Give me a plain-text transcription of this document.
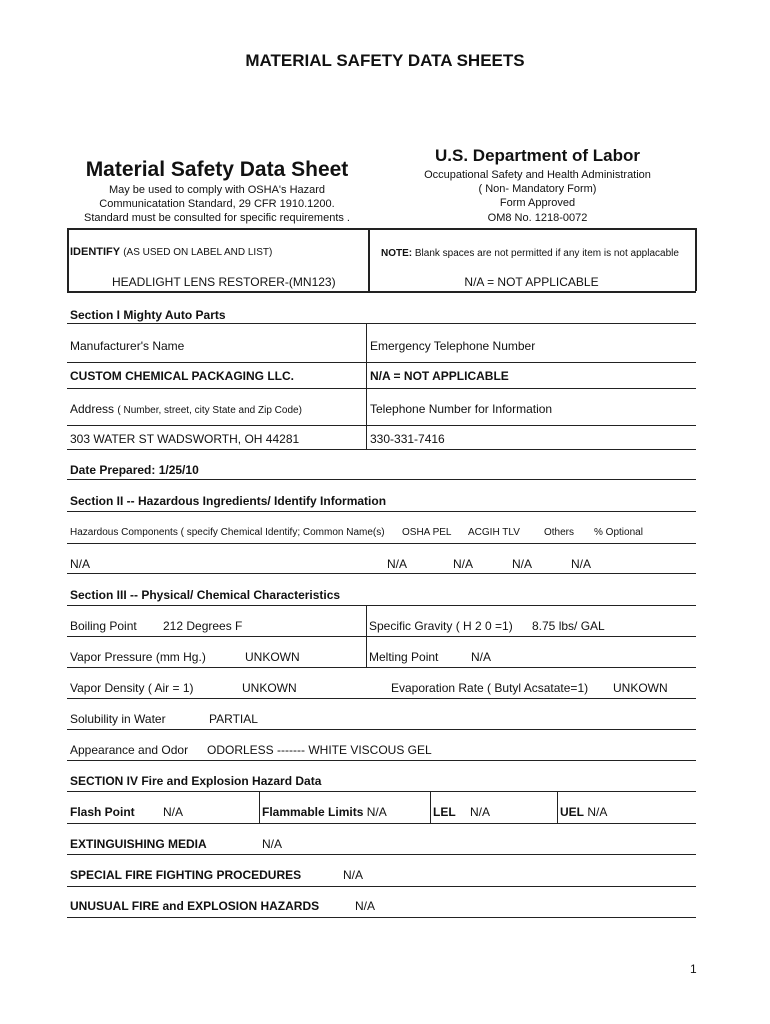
MATERIAL SAFETY DATA SHEETS
Material Safety Data Sheet
May be used to comply with OSHA's Hazard
Communicatation Standard, 29 CFR 1910.1200.
Standard must be consulted for specific requirements .
U.S. Department of Labor
Occupational Safety and Health Administration
( Non- Mandatory Form)
Form Approved
OM8 No. 1218-0072
IDENTIFY (AS USED ON LABEL AND LIST)
HEADLIGHT LENS RESTORER-(MN123)
NOTE: Blank spaces are not permitted if any item is not applacable
N/A = NOT APPLICABLE
Section I Mighty Auto Parts
Manufacturer's Name	Emergency Telephone Number
CUSTOM CHEMICAL PACKAGING LLC.	N/A = NOT APPLICABLE
Address ( Number, street, city State and Zip Code)	Telephone Number for Information
303 WATER ST WADSWORTH, OH 44281	330-331-7416
Date Prepared: 1/25/10
Section II -- Hazardous Ingredients/ Identify Information
Hazardous Components ( specify Chemical Identify; Common Name(s) OSHA PEL ACGIH TLV Others % Optional
N/A	N/A	N/A	N/A	N/A
Section III -- Physical/ Chemical Characteristics
Boiling Point 212 Degrees F	Specific Gravity ( H 2 0 =1) 8.75 lbs/ GAL
Vapor Pressure (mm Hg.)	UNKOWN	Melting Point	N/A
Vapor Density ( Air = 1)	UNKOWN	Evaporation Rate ( Butyl Acsatate=1) UNKOWN
Solubility in Water	PARTIAL
Appearance and Odor ODORLESS ------- WHITE VISCOUS GEL
SECTION IV Fire and Explosion Hazard Data
Flash Point N/A	Flammable Limits N/A	LEL N/A	UEL N/A
EXTINGUISHING MEDIA	N/A
SPECIAL FIRE FIGHTING PROCEDURES	N/A
UNUSUAL FIRE and EXPLOSION HAZARDS	N/A
1
